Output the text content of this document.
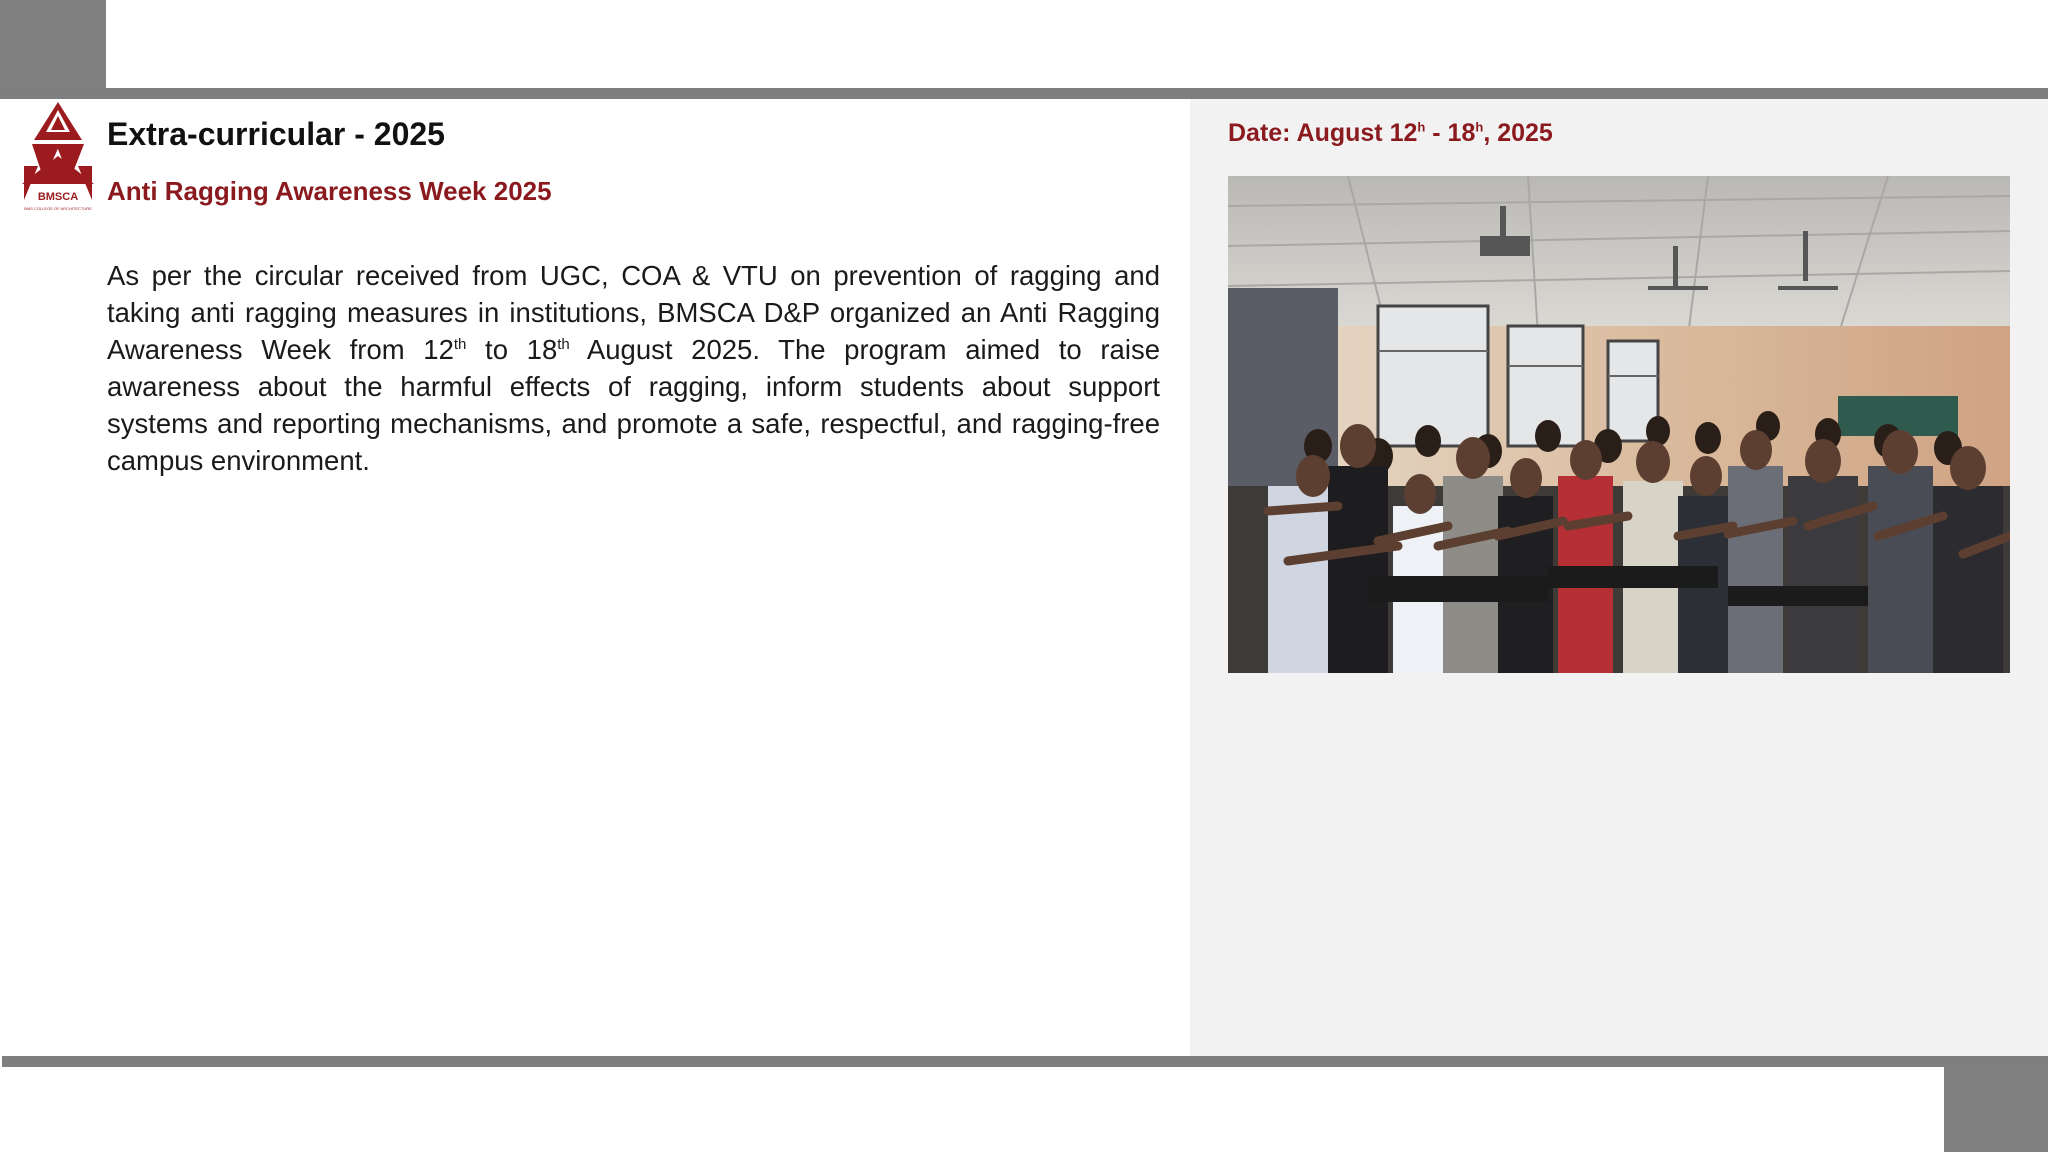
BMSCA
BMS COLLEGE OF ARCHITECTURE
Extra-curricular - 2025
Anti Ragging Awareness Week 2025

As per the circular received from UGC, COA & VTU on prevention of ragging and taking anti ragging measures in institutions, BMSCA D&P organized an Anti Ragging Awareness Week from 12th to 18th August 2025. The program aimed to raise awareness about the harmful effects of ragging, inform students about support systems and reporting mechanisms, and promote a safe, respectful, and ragging-free campus environment.

Date: August 12$^h$ - 18$^h$, 2025
